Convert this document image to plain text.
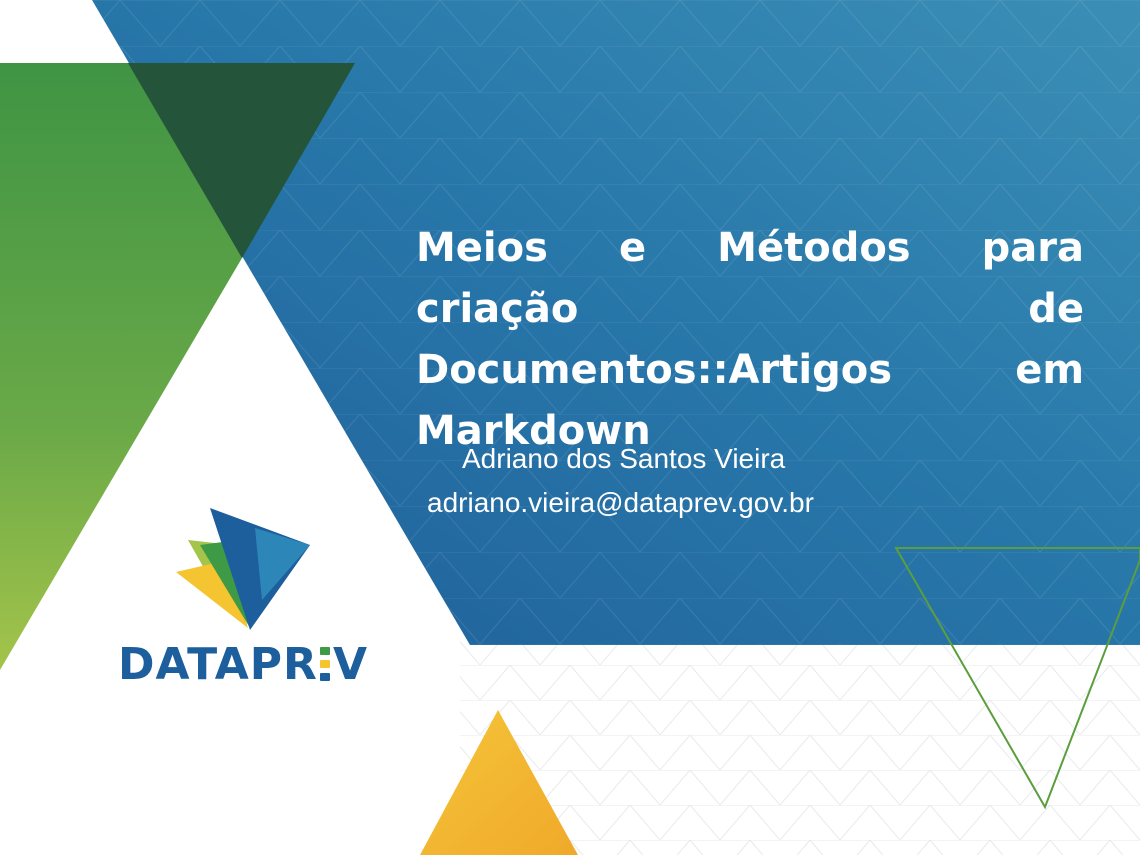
Meios e Métodos para criação de Documentos::Artigos em Markdown

Adriano dos Santos Vieira

adriano.vieira@dataprev.gov.br

DATAPR V
